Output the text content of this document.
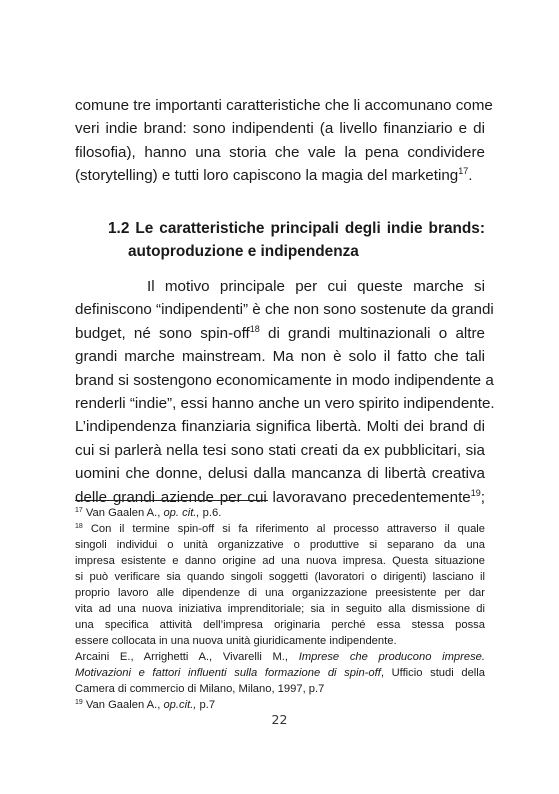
comune tre importanti caratteristiche che li accomunano come
veri indie brand: sono indipendenti (a livello finanziario e di
filosofia), hanno una storia che vale la pena condividere
(storytelling) e tutti loro capiscono la magia del marketing$^{17}$.
1.2 Le caratteristiche principali degli indie brands:
autoproduzione e indipendenza
Il motivo principale per cui queste marche si
definiscono “indipendenti” è che non sono sostenute da grandi
budget, né sono spin-off$^{18}$ di grandi multinazionali o altre
grandi marche mainstream. Ma non è solo il fatto che tali
brand si sostengono economicamente in modo indipendente a
renderli “indie”, essi hanno anche un vero spirito indipendente.
L’indipendenza finanziaria significa libertà. Molti dei brand di
cui si parlerà nella tesi sono stati creati da ex pubblicitari, sia
uomini che donne, delusi dalla mancanza di libertà creativa
delle grandi aziende per cui lavoravano precedentemente$^{19}$;
$^{17}$ Van Gaalen A., op. cit., p.6.
$^{18}$ Con il termine spin-off si fa riferimento al processo attraverso il quale
singoli individui o unità organizzative o produttive si separano da una
impresa esistente e danno origine ad una nuova impresa. Questa situazione
si può verificare sia quando singoli soggetti (lavoratori o dirigenti) lasciano il
proprio lavoro alle dipendenze di una organizzazione preesistente per dar
vita ad una nuova iniziativa imprenditoriale; sia in seguito alla dismissione di
una specifica attività dell’impresa originaria perché essa stessa possa
essere collocata in una nuova unità giuridicamente indipendente.
Arcaini E., Arrighetti A., Vivarelli M., Imprese che producono imprese.
Motivazioni e fattori influenti sulla formazione di spin-off, Ufficio studi della
Camera di commercio di Milano, Milano, 1997, p.7
$^{19}$ Van Gaalen A., op.cit., p.7
22
